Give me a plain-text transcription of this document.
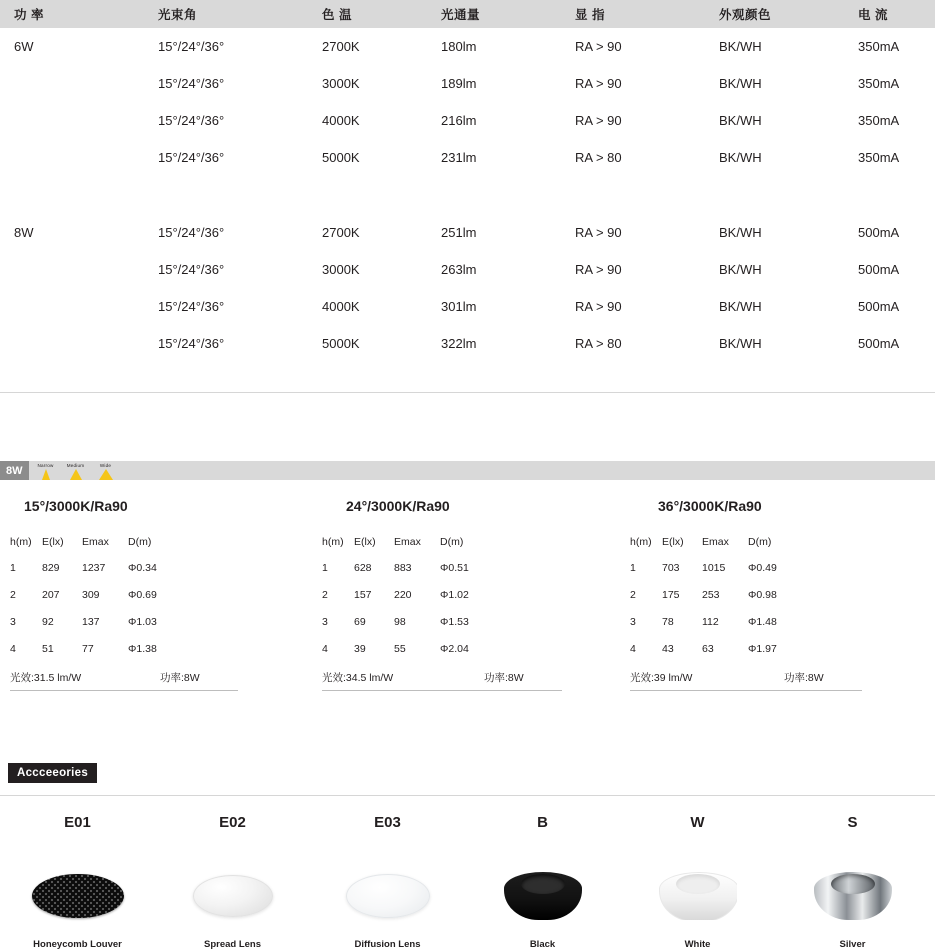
功 率	光束角	色 温	光通量	显 指	外观颜色	电 流
6W	15°/24°/36°	2700K	180lm	RA > 90	BK/WH	350mA
	15°/24°/36°	3000K	189lm	RA > 90	BK/WH	350mA
	15°/24°/36°	4000K	216lm	RA > 90	BK/WH	350mA
	15°/24°/36°	5000K	231lm	RA > 80	BK/WH	350mA

8W	15°/24°/36°	2700K	251lm	RA > 90	BK/WH	500mA
	15°/24°/36°	3000K	263lm	RA > 90	BK/WH	500mA
	15°/24°/36°	4000K	301lm	RA > 90	BK/WH	500mA
	15°/24°/36°	5000K	322lm	RA > 80	BK/WH	500mA
8W	Narrow	Medium	Wide
15°/3000K/Ra90
h(m)	E(lx)	Emax	D(m)
1	829	1237	Φ0.34
2	207	309	Φ0.69
3	92	137	Φ1.03
4	51	77	Φ1.38
光效:31.5 lm/W	功率:8W
24°/3000K/Ra90
h(m)	E(lx)	Emax	D(m)
1	628	883	Φ0.51
2	157	220	Φ1.02
3	69	98	Φ1.53
4	39	55	Φ2.04
光效:34.5 lm/W	功率:8W
36°/3000K/Ra90
h(m)	E(lx)	Emax	D(m)
1	703	1015	Φ0.49
2	175	253	Φ0.98
3	78	112	Φ1.48
4	43	63	Φ1.97
光效:39 lm/W	功率:8W
Accceeories
E01
Honeycomb Louver
E02
Spread Lens
E03
Diffusion Lens
B
Black
W
White
S
Silver
